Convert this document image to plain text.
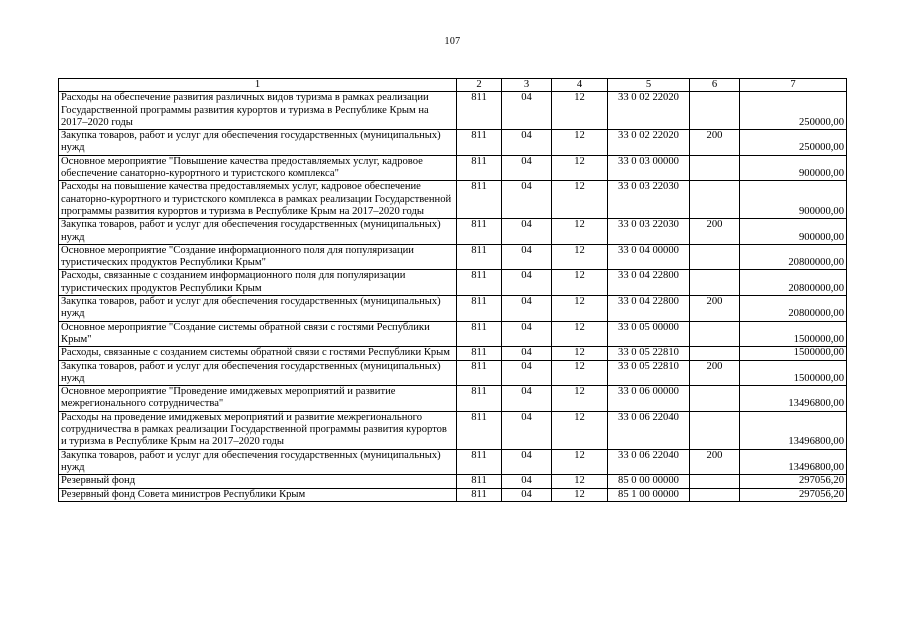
107
1	2	3	4	5	6	7
Расходы на обеспечение развития различных видов туризма в рамках реализации Государственной программы развития курортов и туризма в Республике Крым на 2017–2020 годы	811	04	12	33 0 02 22020		250000,00
Закупка товаров, работ и услуг для обеспечения государственных (муниципальных) нужд	811	04	12	33 0 02 22020	200	250000,00
Основное мероприятие "Повышение качества предоставляемых услуг, кадровое обеспечение санаторно-курортного и туристского комплекса"	811	04	12	33 0 03 00000		900000,00
Расходы на повышение качества предоставляемых услуг, кадровое обеспечение санаторно-курортного и туристского комплекса в рамках реализации Государственной программы развития курортов и туризма в Республике Крым на 2017–2020 годы	811	04	12	33 0 03 22030		900000,00
Закупка товаров, работ и услуг для обеспечения государственных (муниципальных) нужд	811	04	12	33 0 03 22030	200	900000,00
Основное мероприятие "Создание информационного поля для популяризации туристических продуктов Республики Крым"	811	04	12	33 0 04 00000		20800000,00
Расходы, связанные с созданием информационного поля для популяризации туристических продуктов Республики Крым	811	04	12	33 0 04 22800		20800000,00
Закупка товаров, работ и услуг для обеспечения государственных (муниципальных) нужд	811	04	12	33 0 04 22800	200	20800000,00
Основное мероприятие "Создание системы обратной связи с гостями Республики Крым"	811	04	12	33 0 05 00000		1500000,00
Расходы, связанные с созданием системы обратной связи с гостями Республики Крым	811	04	12	33 0 05 22810		1500000,00
Закупка товаров, работ и услуг для обеспечения государственных (муниципальных) нужд	811	04	12	33 0 05 22810	200	1500000,00
Основное мероприятие "Проведение имиджевых мероприятий и развитие межрегионального сотрудничества"	811	04	12	33 0 06 00000		13496800,00
Расходы на проведение имиджевых мероприятий и развитие межрегионального сотрудничества в рамках реализации Государственной программы развития курортов и туризма в Республике Крым на 2017–2020 годы	811	04	12	33 0 06 22040		13496800,00
Закупка товаров, работ и услуг для обеспечения государственных (муниципальных) нужд	811	04	12	33 0 06 22040	200	13496800,00
Резервный фонд	811	04	12	85 0 00 00000		297056,20
Резервный фонд Совета министров Республики Крым	811	04	12	85 1 00 00000		297056,20
